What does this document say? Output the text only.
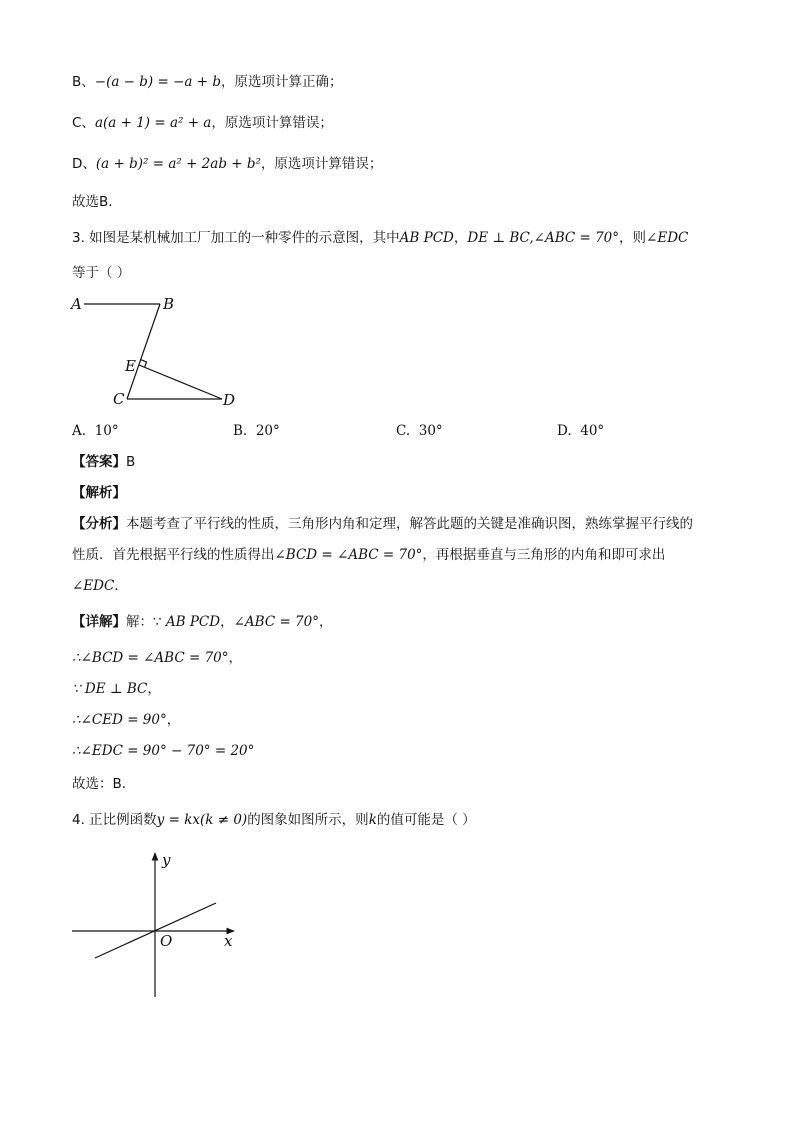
B、−(a − b) = −a + b，原选项计算正确；
C、a(a + 1) = a² + a，原选项计算错误；
D、(a + b)² = a² + 2ab + b²，原选项计算错误；
故选B．
3. 如图是某机械加工厂加工的一种零件的示意图，其中AB PCD，DE ⊥ BC,∠ABC = 70°，则∠EDC
等于（ ）
A	B
E
C	D
A. 10°	B. 20°	C. 30°	D. 40°
【答案】B
【解析】
【分析】本题考查了平行线的性质，三角形内角和定理，解答此题的关键是准确识图，熟练掌握平行线的
性质．首先根据平行线的性质得出∠BCD = ∠ABC = 70°，再根据垂直与三角形的内角和即可求出
∠EDC．
【详解】解：∵ AB PCD，∠ABC = 70°，
∴∠BCD = ∠ABC = 70°，
∵ DE ⊥ BC，
∴∠CED = 90°，
∴∠EDC = 90° − 70° = 20°
故选：B．
4. 正比例函数y = kx(k ≠ 0)的图象如图所示，则k的值可能是（ ）
x
y
O
